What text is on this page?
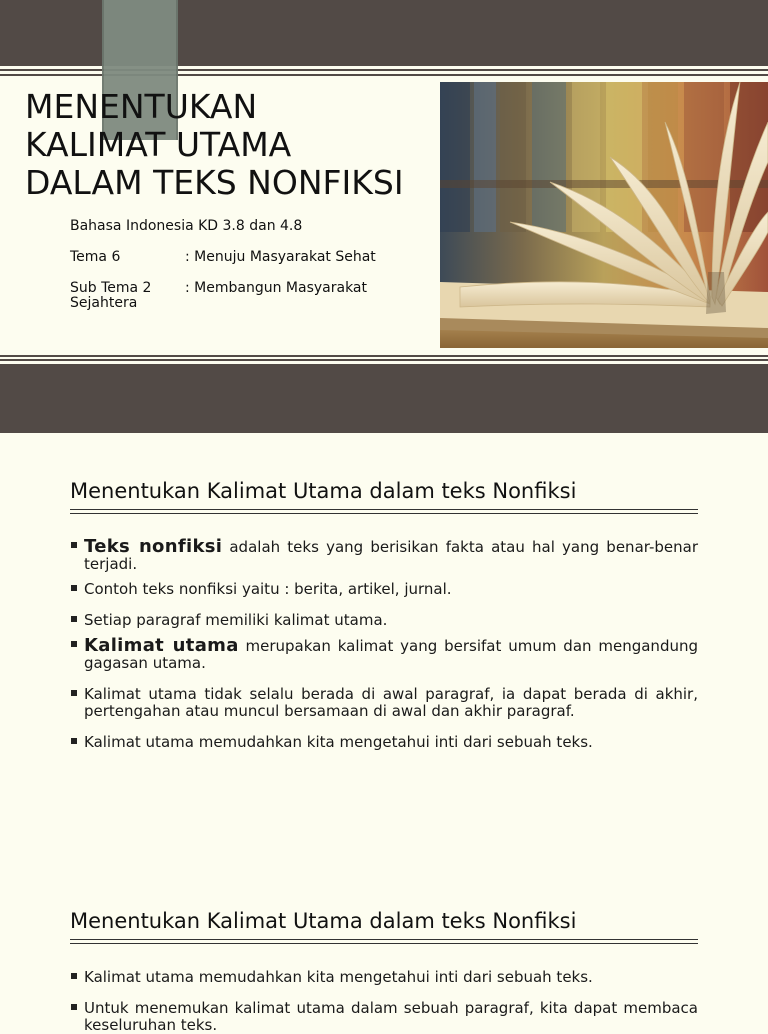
MENENTUKAN
KALIMAT UTAMA
DALAM TEKS NONFIKSI
Bahasa Indonesia KD 3.8 dan 4.8
Tema 6	: Menuju Masyarakat Sehat
Sub Tema 2 : Membangun Masyarakat
Sejahtera
Menentukan Kalimat Utama dalam teks Nonfiksi
Teks nonfiksi adalah teks yang berisikan fakta atau hal yang benar-benar terjadi.
Contoh teks nonfiksi yaitu : berita, artikel, jurnal.
Setiap paragraf memiliki kalimat utama.
Kalimat utama merupakan kalimat yang bersifat umum dan mengandung gagasan utama.
Kalimat utama tidak selalu berada di awal paragraf, ia dapat berada di akhir, pertengahan atau muncul bersamaan di awal dan akhir paragraf.
Kalimat utama memudahkan kita mengetahui inti dari sebuah teks.
Menentukan Kalimat Utama dalam teks Nonfiksi
Kalimat utama memudahkan kita mengetahui inti dari sebuah teks.
Untuk menemukan kalimat utama dalam sebuah paragraf, kita dapat membaca keseluruhan teks.
